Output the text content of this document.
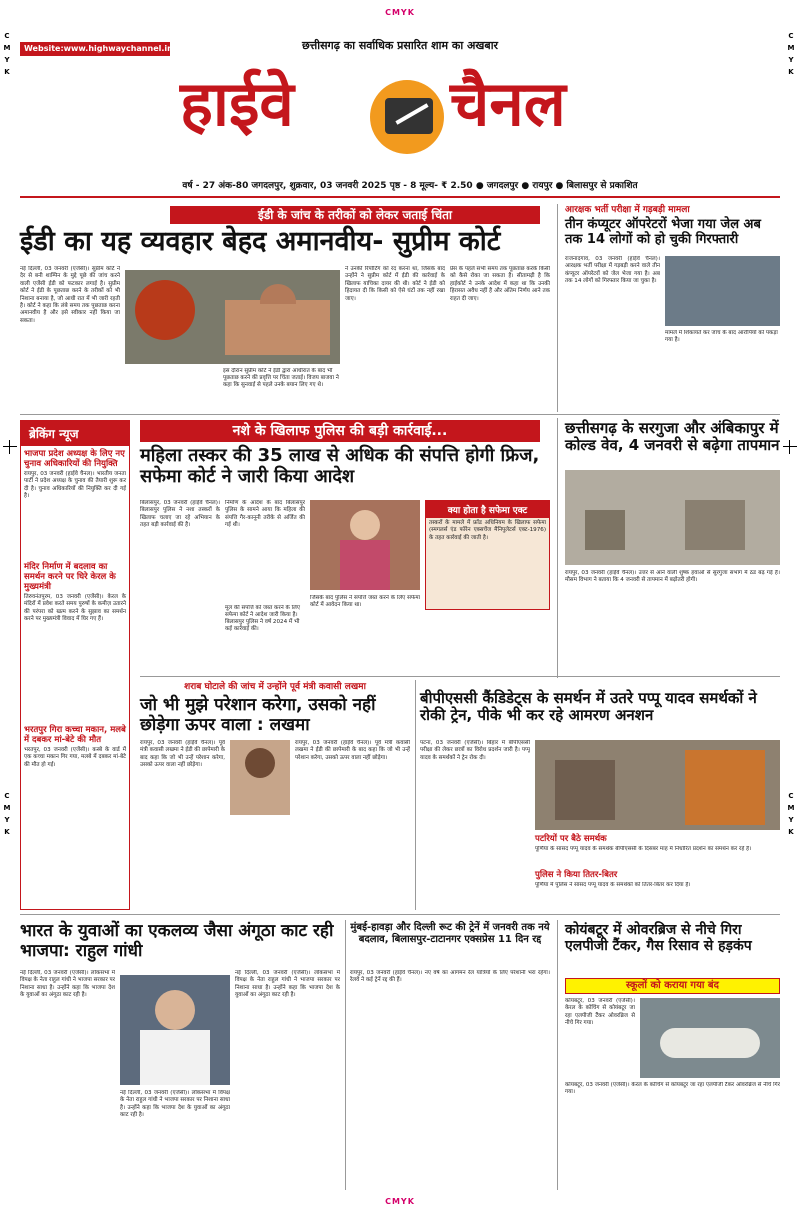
CMYK
CMYK
C
M
Y
K
C
M
Y
K
C
M
Y
K
C
M
Y
K
Website:www.highwaychannel.in	छत्तीसगढ़ का सर्वाधिक प्रसारित शाम का अखबार
हाईवे	चैनल
वर्ष - 27 अंक-80 जगदलपुर, शुक्रवार, 03 जनवरी 2025 पृष्ठ - 8 मूल्य- ₹ 2.50 ● जगदलपुर ● रायपुर ● बिलासपुर से प्रकाशित
ईडी के जांच के तरीकों को लेकर जताई चिंता
ईडी का यह व्यवहार बेहद अमानवीय- सुप्रीम कोर्ट
नई दिल्ली, 03 जनवरी (एजेंसी)। सुप्रीम कोर्ट ने देर से बनी शाम्पिन के मुद्दे पूछे की जांच करने वाली एजेंसी ईडी को फटकार लगाई है। सुप्रीम कोर्ट ने ईडी के पूछताछ करने के तरीकों को भी निशाना बनाया है, जो आधी रात में भी जारी रहती है। कोर्ट ने कहा कि लंबे समय तक पूछताछ करना अमानवीय है और इसे स्वीकार नहीं किया जा सकता।
इस दौरान सुप्रीम कोर्ट ने ईडी द्वारा आधीरात के बाद भी पूछताछ करने की प्रवृत्ति पर चिंता जताई। विजय बाजवा ने कहा कि सुनवाई से पहले उनके बयान लिए गए थे।
ने उनकी रिपोर्टिंग को रद करना था, जिसके बाद उन्होंने ने सुप्रीम कोर्ट में ईडी की कार्रवाई के खिलाफ याचिका दायर की थी। कोर्ट ने ईडी को हिदायत दी कि किसी को ऐसे घंटों तक नहीं रखा जाए।
प्रेस के पहले सभी समय तक पूछताछ करके किसी को कैसे रोका जा सकता है। सीतामढ़ी है कि हाईकोर्ट ने उनके आदेश में कहा था कि उनकी हिरासत अवैध नहीं है और अंतिम निर्णय आने तक राहत दी जाए।
आरक्षक भर्ती परीक्षा में गड़बड़ी मामला
तीन कंप्यूटर ऑपरेटरों भेजा गया जेल अब तक 14 लोगों को हो चुकी गिरफ्तारी
राजनांदगांव, 03 जनवरी (हाईवे चैनल)। आरक्षक भर्ती परीक्षा में गड़बड़ी करने वाले तीन कंप्यूटर ऑपरेटरों को जेल भेजा गया है। अब तक 14 लोगों को गिरफ्तार किया जा चुका है।
मामले में शिकायतें कर जांच के बाद आरोपियों को पकड़ा गया है।
ब्रेकिंग न्यूज
भाजपा प्रदेश अध्यक्ष के लिए नए चुनाव अधिकारियों की नियुक्ति
रायपुर, 03 जनवरी (हाईवे चैनल)। भारतीय जनता पार्टी ने प्रदेश अध्यक्ष के चुनाव की तैयारी शुरू कर दी है। चुनाव अधिकारियों की नियुक्ति कर दी गई है।
मंदिर निर्माण में बदलाव का समर्थन करने पर घिरे केरल के मुख्यमंत्री
तिरुवनंतपुरम, 03 जनवरी (एजेंसी)। केरल के मंदिरों में प्रवेश करते समय पुरुषों के कमीज़ उतारने की परंपरा को खत्म करने के सुझाव का समर्थन करने पर मुख्यमंत्री विवाद में घिर गए हैं।
भरतपुर गिरा कच्चा मकान, मलबे में दबकर मां-बेटे की मौत
भरतपुर, 03 जनवरी (एजेंसी)। कस्बे के वार्ड में एक कच्चा मकान गिर गया, मलबे में दबकर मां-बेटे की मौत हो गई।
नशे के खिलाफ पुलिस की बड़ी कार्रवाई...
महिला तस्कर की 35 लाख से अधिक की संपत्ति होगी फ्रिज, सफेमा कोर्ट ने जारी किया आदेश
बिलासपुर, 03 जनवरी (हाईवे चैनल)। बिलासपुर पुलिस ने नशा तस्करों के खिलाफ चलाए जा रहे अभियान के तहत बड़ी कार्रवाई की है।
निर्माण के आदेश के बाद बिलासपुर पुलिस के सामने आया कि महिला की संपत्ति गैर-कानूनी तरीके से अर्जित की गई थी।
जिसके बाद पुलिस ने संपत्ति जब्त करने के लिए सफेमा कोर्ट में आवेदन किया था।
क्या होता है सफेमा एक्ट
तस्करों के मामले में फ्रॉड अधिनियम के खिलाफ सफेमा (स्मगलर्स एंड फॉरेन एक्सचेंज मैनिपुलेटर्स एक्ट-1976) के तहत कार्रवाई की जाती है।
मूल की संपत्ति को जब्त करने के लिए सफेमा कोर्ट ने आदेश जारी किया है। बिलासपुर पुलिस ने वर्ष 2024 में भी कई कार्रवाई की।
छत्तीसगढ़ के सरगुजा और अंबिकापुर में कोल्ड वेव, 4 जनवरी से बढ़ेगा तापमान
रायपुर, 03 जनवरी (हाईवे चैनल)। उत्तर से आने वाली शुष्क हवाओं से सुरगुजा संभाग में ठंड बढ़ गई है। मौसम विभाग ने बताया कि 4 जनवरी से तापमान में बढ़ोतरी होगी।
शराब घोटाले की जांच में उन्होंने पूर्व मंत्री कवासी लखमा
जो भी मुझे परेशान करेगा, उसको नहीं छोड़ेगा ऊपर वाला : लखमा
रायपुर, 03 जनवरी (हाईवे चैनल)। पूर्व मंत्री कवासी लखमा ने ईडी की छापेमारी के बाद कहा कि जो भी उन्हें परेशान करेगा, उसको ऊपर वाला नहीं छोड़ेगा।
रायपुर, 03 जनवरी (हाईवे चैनल)। पूर्व मंत्री कवासी लखमा ने ईडी की छापेमारी के बाद कहा कि जो भी उन्हें परेशान करेगा, उसको ऊपर वाला नहीं छोड़ेगा।
बीपीएससी कैंडिडेट्स के समर्थन में उतरे पप्पू यादव समर्थकों ने रोकी ट्रेन, पीके भी कर रहे आमरण अनशन
पटना, 03 जनवरी (एजेंसी)। बिहार में बीपीएससी परीक्षा की लेकर छात्रों का विरोध प्रदर्शन जारी है। पप्पू यादव के समर्थकों ने ट्रेन रोक दी।
पटरियों पर बैठे समर्थक
पूर्णिया के सांसद पप्पू यादव के समर्थक बीपीएससी के दिसंबर माह में निर्धारित प्रदर्शन का समर्थन कर रहे हैं।
पुलिस ने किया तितर-बितर
पूर्णिया में पुलिस ने सांसद पप्पू यादव के समर्थकों को तितर-बितर कर दिया है।
भारत के युवाओं का एकलव्य जैसा अंगूठा काट रही भाजपा: राहुल गांधी
नई दिल्ली, 03 जनवरी (एजेंसी)। लोकसभा में विपक्ष के नेता राहुल गांधी ने भाजपा सरकार पर निशाना साधा है। उन्होंने कहा कि भाजपा देश के युवाओं का अंगूठा काट रही है।
नई दिल्ली, 03 जनवरी (एजेंसी)। लोकसभा में विपक्ष के नेता राहुल गांधी ने भाजपा सरकार पर निशाना साधा है। उन्होंने कहा कि भाजपा देश के युवाओं का अंगूठा काट रही है।
नई दिल्ली, 03 जनवरी (एजेंसी)। लोकसभा में विपक्ष के नेता राहुल गांधी ने भाजपा सरकार पर निशाना साधा है। उन्होंने कहा कि भाजपा देश के युवाओं का अंगूठा काट रही है।
मुंबई-हावड़ा और दिल्ली रूट की ट्रेनें में जनवरी तक नये बदलाव, बिलासपुर-टाटानगर एक्सप्रेस 11 दिन रद्द
रायपुर, 03 जनवरी (हाईवे चैनल)। नए वर्ष का आगमन रेल यात्रियों के लिए परेशानी भरा रहेगा। रेलवे ने कई ट्रेनें रद्द की हैं।
कोयंबटूर में ओवरब्रिज से नीचे गिरा एलपीजी टैंकर, गैस रिसाव से हड़कंप
स्कूलों को कराया गया बंद
कोयंबटूर, 03 जनवरी (एजेंसी)। केरल के कोचिंग से कोयंबटूर जा रहा एलपीजी टैंकर ओवरब्रिज से नीचे गिर गया।
कोयंबटूर, 03 जनवरी (एजेंसी)। केरल के कोचिंग से कोयंबटूर जा रहा एलपीजी टैंकर ओवरब्रिज से नीचे गिर गया।
